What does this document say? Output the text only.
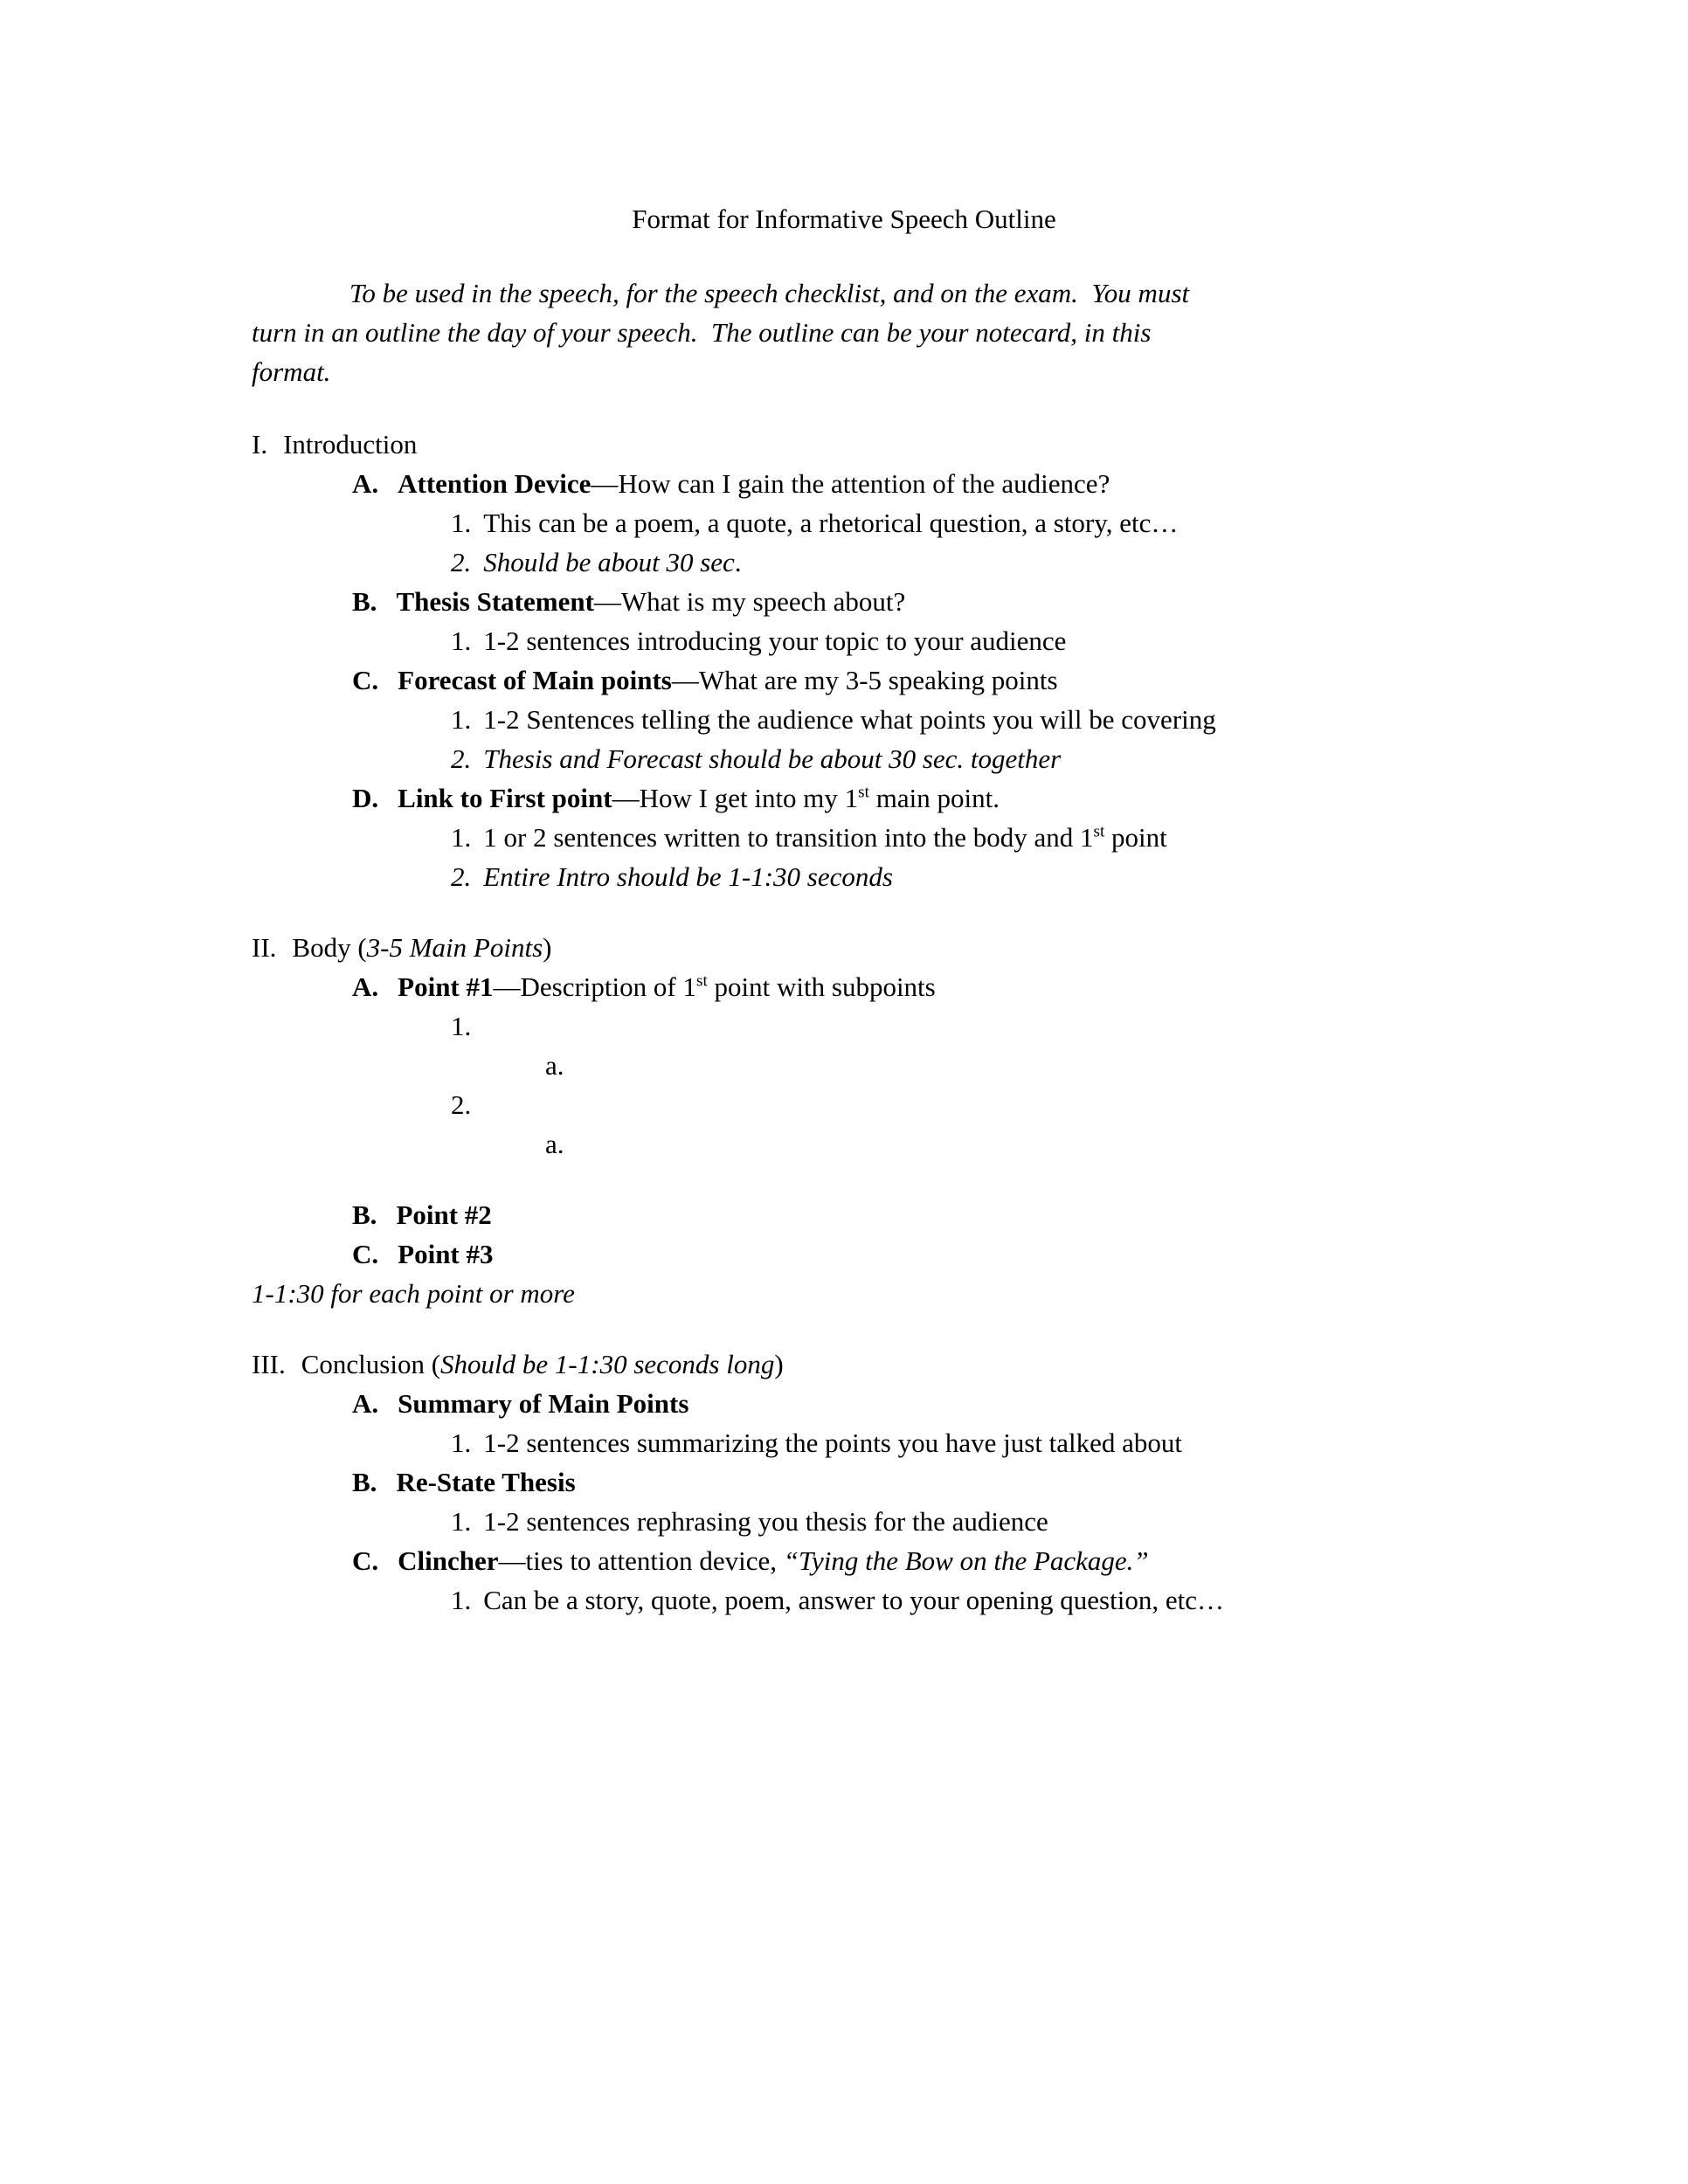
Format for Informative Speech Outline
To be used in the speech, for the speech checklist, and on the exam.  You must
turn in an outline the day of your speech.  The outline can be your notecard, in this
format.
I. Introduction
A. Attention Device—How can I gain the attention of the audience?
1. This can be a poem, a quote, a rhetorical question, a story, etc…
2. Should be about 30 sec.
B. Thesis Statement—What is my speech about?
1. 1-2 sentences introducing your topic to your audience
C. Forecast of Main points—What are my 3-5 speaking points
1. 1-2 Sentences telling the audience what points you will be covering
2. Thesis and Forecast should be about 30 sec. together
D. Link to First point—How I get into my 1st main point.
1. 1 or 2 sentences written to transition into the body and 1st point
2. Entire Intro should be 1-1:30 seconds
II. Body (3-5 Main Points)
A. Point #1—Description of 1st point with subpoints
1.
a.
2.
a.
B. Point #2
C. Point #3
1-1:30 for each point or more
III. Conclusion (Should be 1-1:30 seconds long)
A. Summary of Main Points
1. 1-2 sentences summarizing the points you have just talked about
B. Re-State Thesis
1. 1-2 sentences rephrasing you thesis for the audience
C. Clincher—ties to attention device, “Tying the Bow on the Package.”
1. Can be a story, quote, poem, answer to your opening question, etc…
